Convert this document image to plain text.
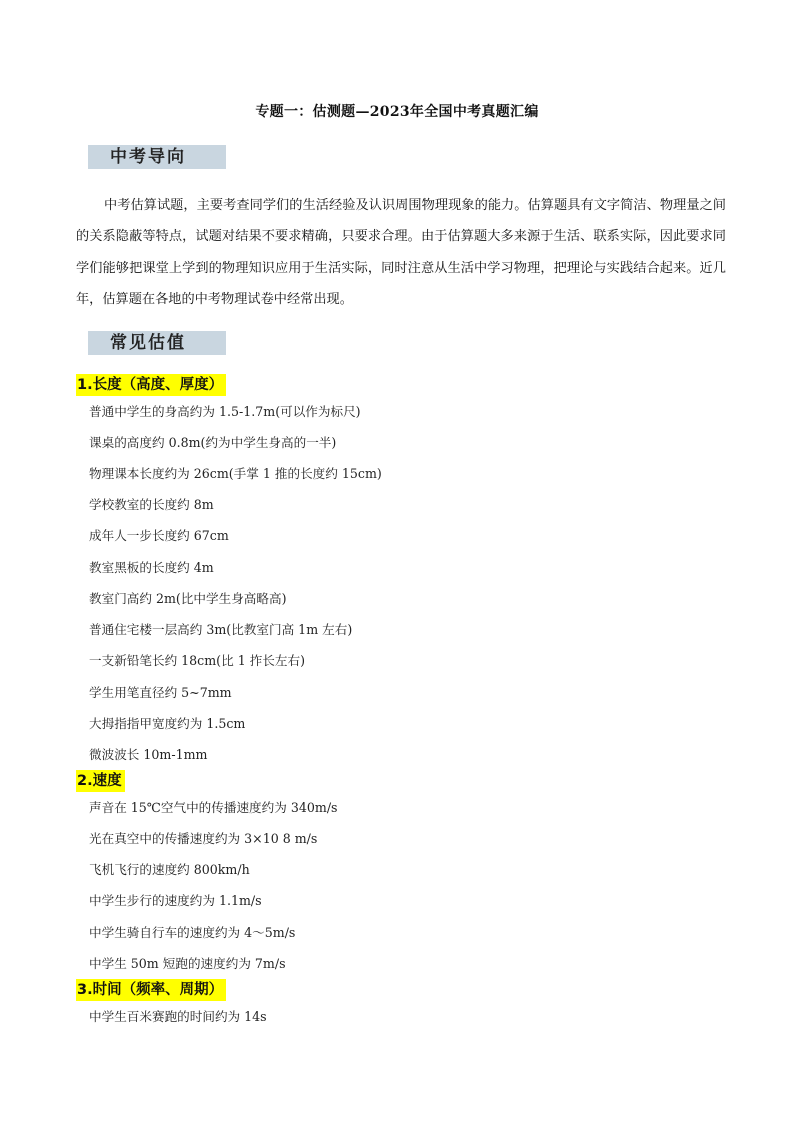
专题一：估测题—2023年全国中考真题汇编
中考导向

中考估算试题，主要考查同学们的生活经验及认识周围物理现象的能力。估算题具有文字简洁、物理量之间的关系隐蔽等特点，试题对结果不要求精确，只要求合理。由于估算题大多来源于生活、联系实际，因此要求同学们能够把课堂上学到的物理知识应用于生活实际，同时注意从生活中学习物理，把理论与实践结合起来。近几年，估算题在各地的中考物理试卷中经常出现。

常见估值
1.长度（高度、厚度）
普通中学生的身高约为 1.5-1.7m(可以作为标尺)
课桌的高度约 0.8m(约为中学生身高的一半)
物理课本长度约为 26cm(手掌 1 推的长度约 15cm)
学校教室的长度约 8m
成年人一步长度约 67cm
教室黑板的长度约 4m
教室门高约 2m(比中学生身高略高)
普通住宅楼一层高约 3m(比教室门高 1m 左右)
一支新铅笔长约 18cm(比 1 拃长左右)
学生用笔直径约 5~7mm
大拇指指甲宽度约为 1.5cm
微波波长 10m-1mm
2.速度
声音在 15℃空气中的传播速度约为 340m/s
光在真空中的传播速度约为 3×10 8 m/s
飞机飞行的速度约 800km/h
中学生步行的速度约为 1.1m/s
中学生骑自行车的速度约为 4～5m/s
中学生 50m 短跑的速度约为 7m/s
3.时间（频率、周期）
中学生百米赛跑的时间约为 14s
